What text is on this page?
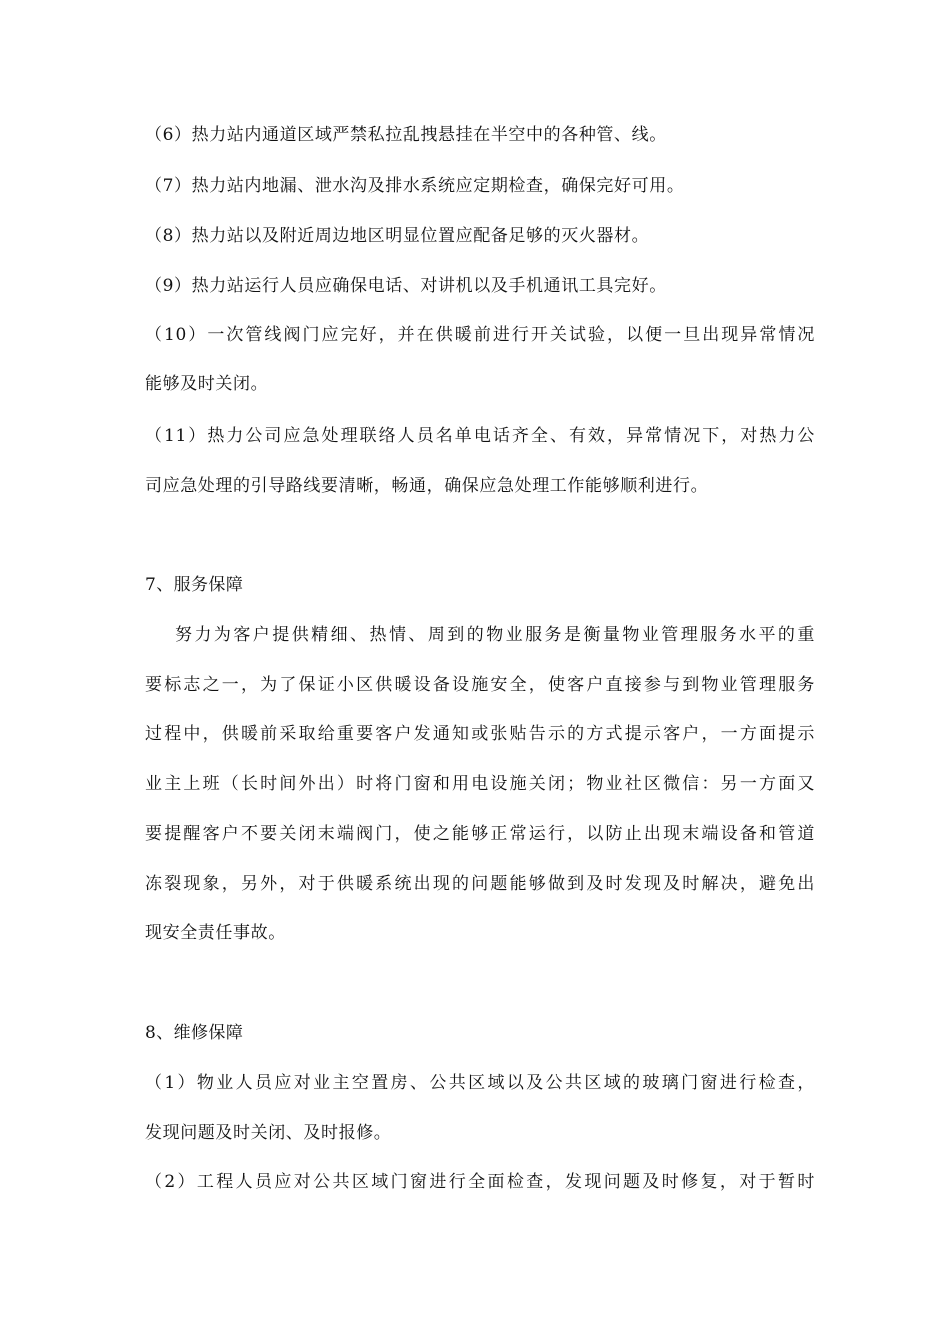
（6）热力站内通道区域严禁私拉乱拽悬挂在半空中的各种管、线。
（7）热力站内地漏、泄水沟及排水系统应定期检查，确保完好可用。
（8）热力站以及附近周边地区明显位置应配备足够的灭火器材。
（9）热力站运行人员应确保电话、对讲机以及手机通讯工具完好。
（10）一次管线阀门应完好，并在供暖前进行开关试验，以便一旦出现异常情况
能够及时关闭。
（11）热力公司应急处理联络人员名单电话齐全、有效，异常情况下，对热力公
司应急处理的引导路线要清晰，畅通，确保应急处理工作能够顺利进行。
7、服务保障
努力为客户提供精细、热情、周到的物业服务是衡量物业管理服务水平的重
要标志之一，为了保证小区供暖设备设施安全，使客户直接参与到物业管理服务
过程中，供暖前采取给重要客户发通知或张贴告示的方式提示客户，一方面提示
业主上班（长时间外出）时将门窗和用电设施关闭；物业社区微信：另一方面又
要提醒客户不要关闭末端阀门，使之能够正常运行，以防止出现末端设备和管道
冻裂现象，另外，对于供暖系统出现的问题能够做到及时发现及时解决，避免出
现安全责任事故。
8、维修保障
（1）物业人员应对业主空置房、公共区域以及公共区域的玻璃门窗进行检查，
发现问题及时关闭、及时报修。
（2）工程人员应对公共区域门窗进行全面检查，发现问题及时修复，对于暂时
